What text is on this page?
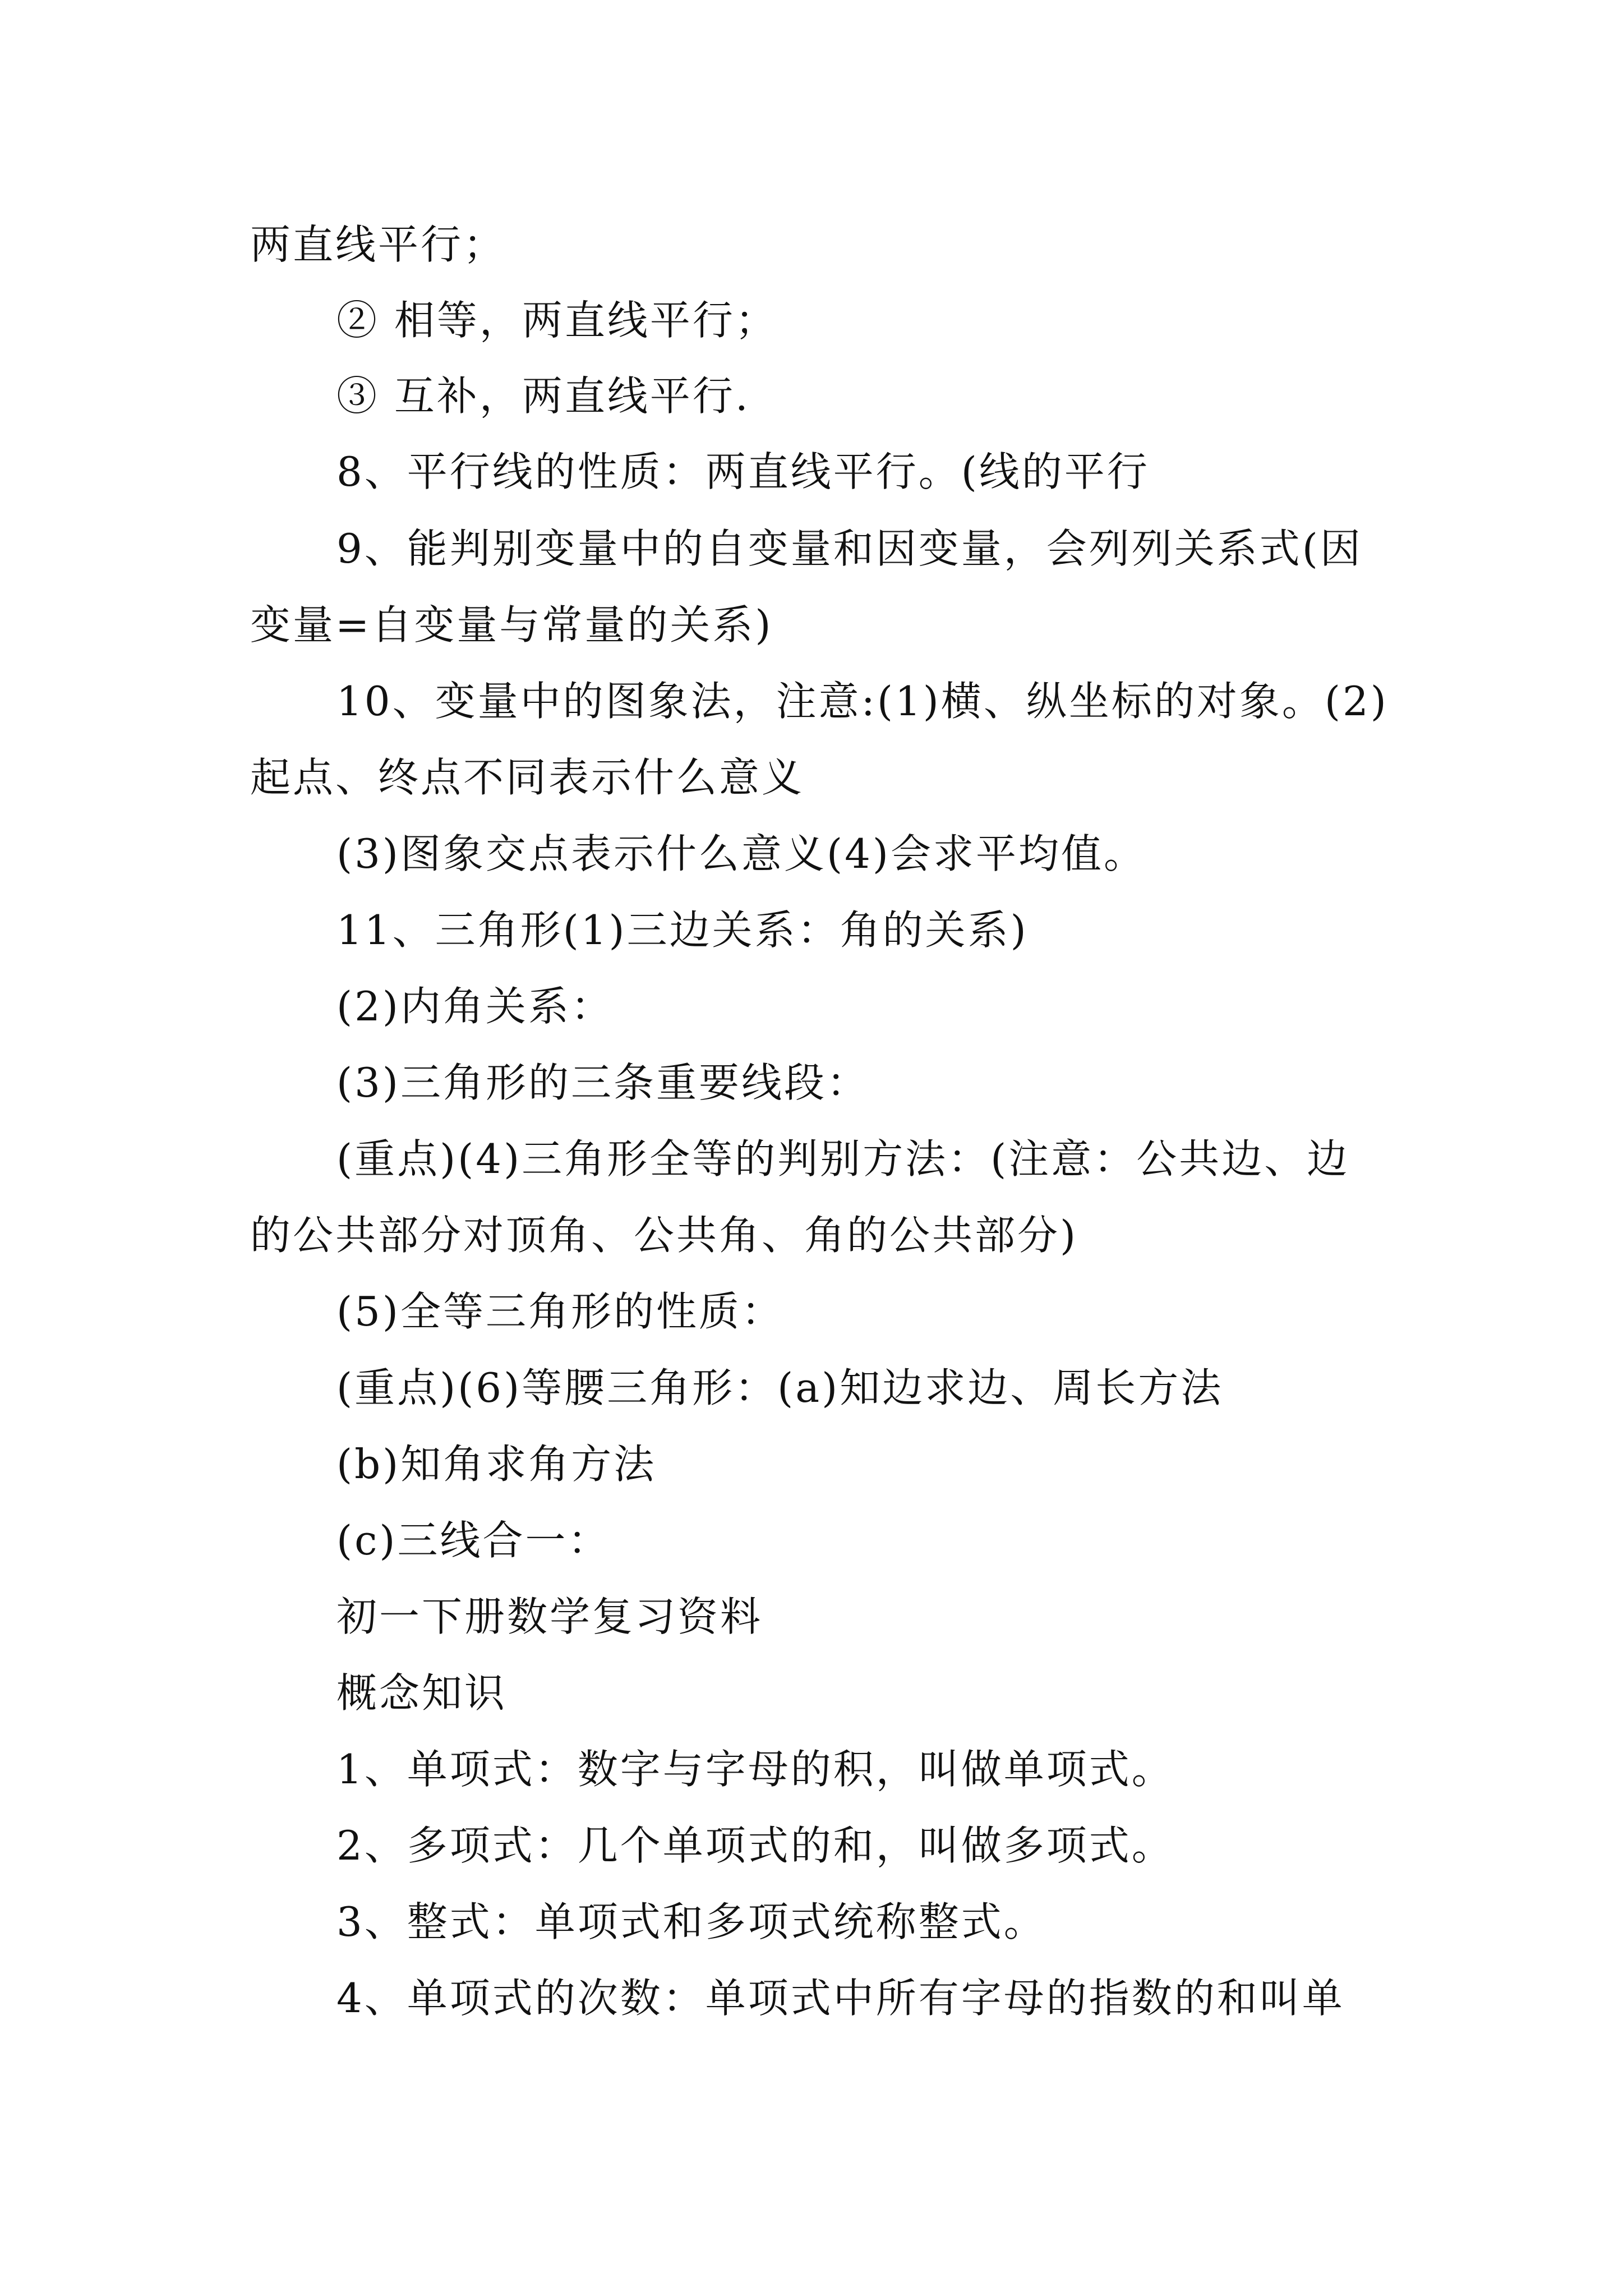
两直线平行；

② 相等，两直线平行；

③ 互补，两直线平行.

8、平行线的性质：两直线平行。(线的平行

9、能判别变量中的自变量和因变量，会列列关系式(因

变量=自变量与常量的关系)

10、变量中的图象法，注意:(1)横、纵坐标的对象。(2)

起点、终点不同表示什么意义

(3)图象交点表示什么意义(4)会求平均值。

11、三角形(1)三边关系：角的关系)

(2)内角关系：

(3)三角形的三条重要线段：

(重点)(4)三角形全等的判别方法：(注意：公共边、边

的公共部分对顶角、公共角、角的公共部分)

(5)全等三角形的性质：

(重点)(6)等腰三角形：(a)知边求边、周长方法

(b)知角求角方法

(c)三线合一：

初一下册数学复习资料

概念知识

1、单项式：数字与字母的积，叫做单项式。

2、多项式：几个单项式的和，叫做多项式。

3、整式：单项式和多项式统称整式。

4、单项式的次数：单项式中所有字母的指数的和叫单
